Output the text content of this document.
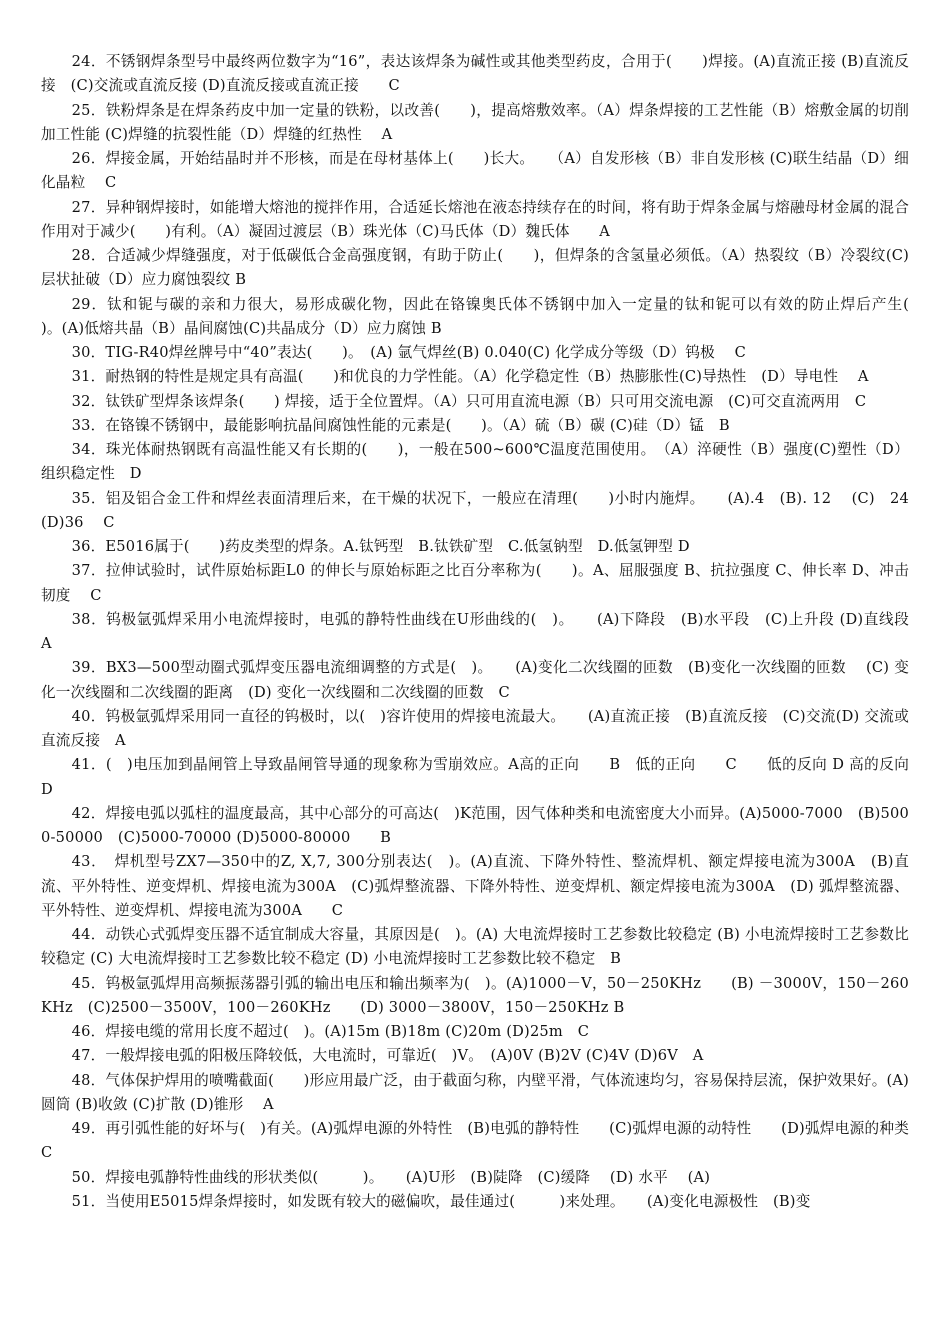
24．不锈钢焊条型号中最终两位数字为“16”，表达该焊条为碱性或其他类型药皮，合用于(　　)焊接。(A)直流正接 (B)直流反接　(C)交流或直流反接 (D)直流反接或直流正接　　C

25．铁粉焊条是在焊条药皮中加一定量的铁粉，以改善(　　)，提高熔敷效率。（A）焊条焊接的工艺性能（B）熔敷金属的切削加工性能 (C)焊缝的抗裂性能（D）焊缝的红热性　 A

26．焊接金属，开始结晶时并不形核，而是在母材基体上(　　)长大。　　（A）自发形核（B）非自发形核 (C)联生结晶（D）细化晶粒　 C

27．异种钢焊接时，如能增大熔池的搅拌作用，合适延长熔池在液态持续存在的时间，将有助于焊条金属与熔融母材金属的混合作用对于减少(　　)有利。（A）凝固过渡层（B）珠光体（C)马氏体（D）魏氏体　　A

28．合适减少焊缝强度，对于低碳低合金高强度钢，有助于防止(　　)，但焊条的含氢量必须低。（A）热裂纹（B）冷裂纹(C)层状扯破（D）应力腐蚀裂纹 B

29．钛和铌与碳的亲和力很大，易形成碳化物，因此在铬镍奥氏体不锈钢中加入一定量的钛和铌可以有效的防止焊后产生(　　)。(A)低熔共晶（B）晶间腐蚀(C)共晶成分（D）应力腐蚀 B

30．TIG-R40焊丝牌号中“40”表达(　　)。　(A) 氩气焊丝(B) 0.040(C) 化学成分等级（D）钨极　 C

31．耐热钢的特性是规定具有高温(　　)和优良的力学性能。（A）化学稳定性（B）热膨胀性(C)导热性　(D）导电性　 A

32．钛铁矿型焊条该焊条(　　) 焊接，适于全位置焊。（A）只可用直流电源（B）只可用交流电源　(C)可交直流两用　C

33．在铬镍不锈钢中，最能影响抗晶间腐蚀性能的元素是(　　)。（A）硫（B）碳 (C)硅（D）锰　B

34．珠光体耐热钢既有高温性能又有长期的(　　)，一般在500~600℃温度范围使用。　（A）淬硬性（B）强度(C)塑性（D）组织稳定性　D

35．铝及铝合金工件和焊丝表面清理后来，在干燥的状况下，一般应在清理(　　)小时内施焊。　　(A).4　(B). 12　 (C)　24　　(D)36　 C

36．E5016属于(　　)药皮类型的焊条。A.钛钙型　B.钛铁矿型　C.低氢钠型　D.低氢钾型 D

37．拉伸试验时，试件原始标距L0 的伸长与原始标距之比百分率称为(　　)。A、屈服强度 B、抗拉强度 C、伸长率 D、冲击韧度　 C

38．钨极氩弧焊采用小电流焊接时，电弧的静特性曲线在U形曲线的(　)。　　(A)下降段　(B)水平段　(C)上升段 (D)直线段　 A

39．BX3—500型动圈式弧焊变压器电流细调整的方式是(　)。　　(A)变化二次线圈的匝数　(B)变化一次线圈的匝数　 (C) 变化一次线圈和二次线圈的距离　(D) 变化一次线圈和二次线圈的匝数　C

40．钨极氩弧焊采用同一直径的钨极时，以(　)容许使用的焊接电流最大。　　(A)直流正接　(B)直流反接　(C)交流(D) 交流或直流反接　A

41．(　)电压加到晶闸管上导致晶闸管导通的现象称为雪崩效应。A高的正向　　B　低的正向　　C　　低的反向 D 高的反向　D

42．焊接电弧以弧柱的温度最高，其中心部分的可高达(　)K范围，因气体种类和电流密度大小而异。(A)5000-7000　(B)5000-50000　(C)5000-70000 (D)5000-80000　　B

43．　焊机型号ZX7—350中的Z, X,7, 300分别表达(　)。(A)直流、下降外特性、整流焊机、额定焊接电流为300A　(B)直流、平外特性、逆变焊机、焊接电流为300A　(C)弧焊整流器、下降外特性、逆变焊机、额定焊接电流为300A　(D) 弧焊整流器、平外特性、逆变焊机、焊接电流为300A　　C

44．动铁心式弧焊变压器不适宜制成大容量，其原因是(　)。(A) 大电流焊接时工艺参数比较稳定 (B) 小电流焊接时工艺参数比较稳定 (C) 大电流焊接时工艺参数比较不稳定 (D) 小电流焊接时工艺参数比较不稳定　B

45．钨极氩弧焊用高频振荡器引弧的输出电压和输出频率为(　)。(A)1000－V，50－250KHz　　(B) －3000V，150－260KHz　(C)2500－3500V，100－260KHz　　(D) 3000－3800V，150－250KHz B

46．焊接电缆的常用长度不超过(　)。(A)15m (B)18m (C)20m (D)25m　C

47．一般焊接电弧的阳极压降较低，大电流时，可靠近(　)V。　(A)0V (B)2V (C)4V (D)6V　A

48．气体保护焊用的喷嘴截面(　　)形应用最广泛，由于截面匀称，内壁平滑，气体流速均匀，容易保持层流，保护效果好。(A)圆筒 (B)收敛 (C)扩散 (D)锥形　 A

49．再引弧性能的好坏与(　)有关。(A)弧焊电源的外特性　(B)电弧的静特性　　(C)弧焊电源的动特性　　(D)弧焊电源的种类　　C

50．焊接电弧静特性曲线的形状类似(　　　)。　　(A)U形　(B)陡降　(C)缓降　 (D) 水平　 (A)

51．当使用E5015焊条焊接时，如发既有较大的磁偏吹，最佳通过(　　　)来处理。　　(A)变化电源极性　(B)变
